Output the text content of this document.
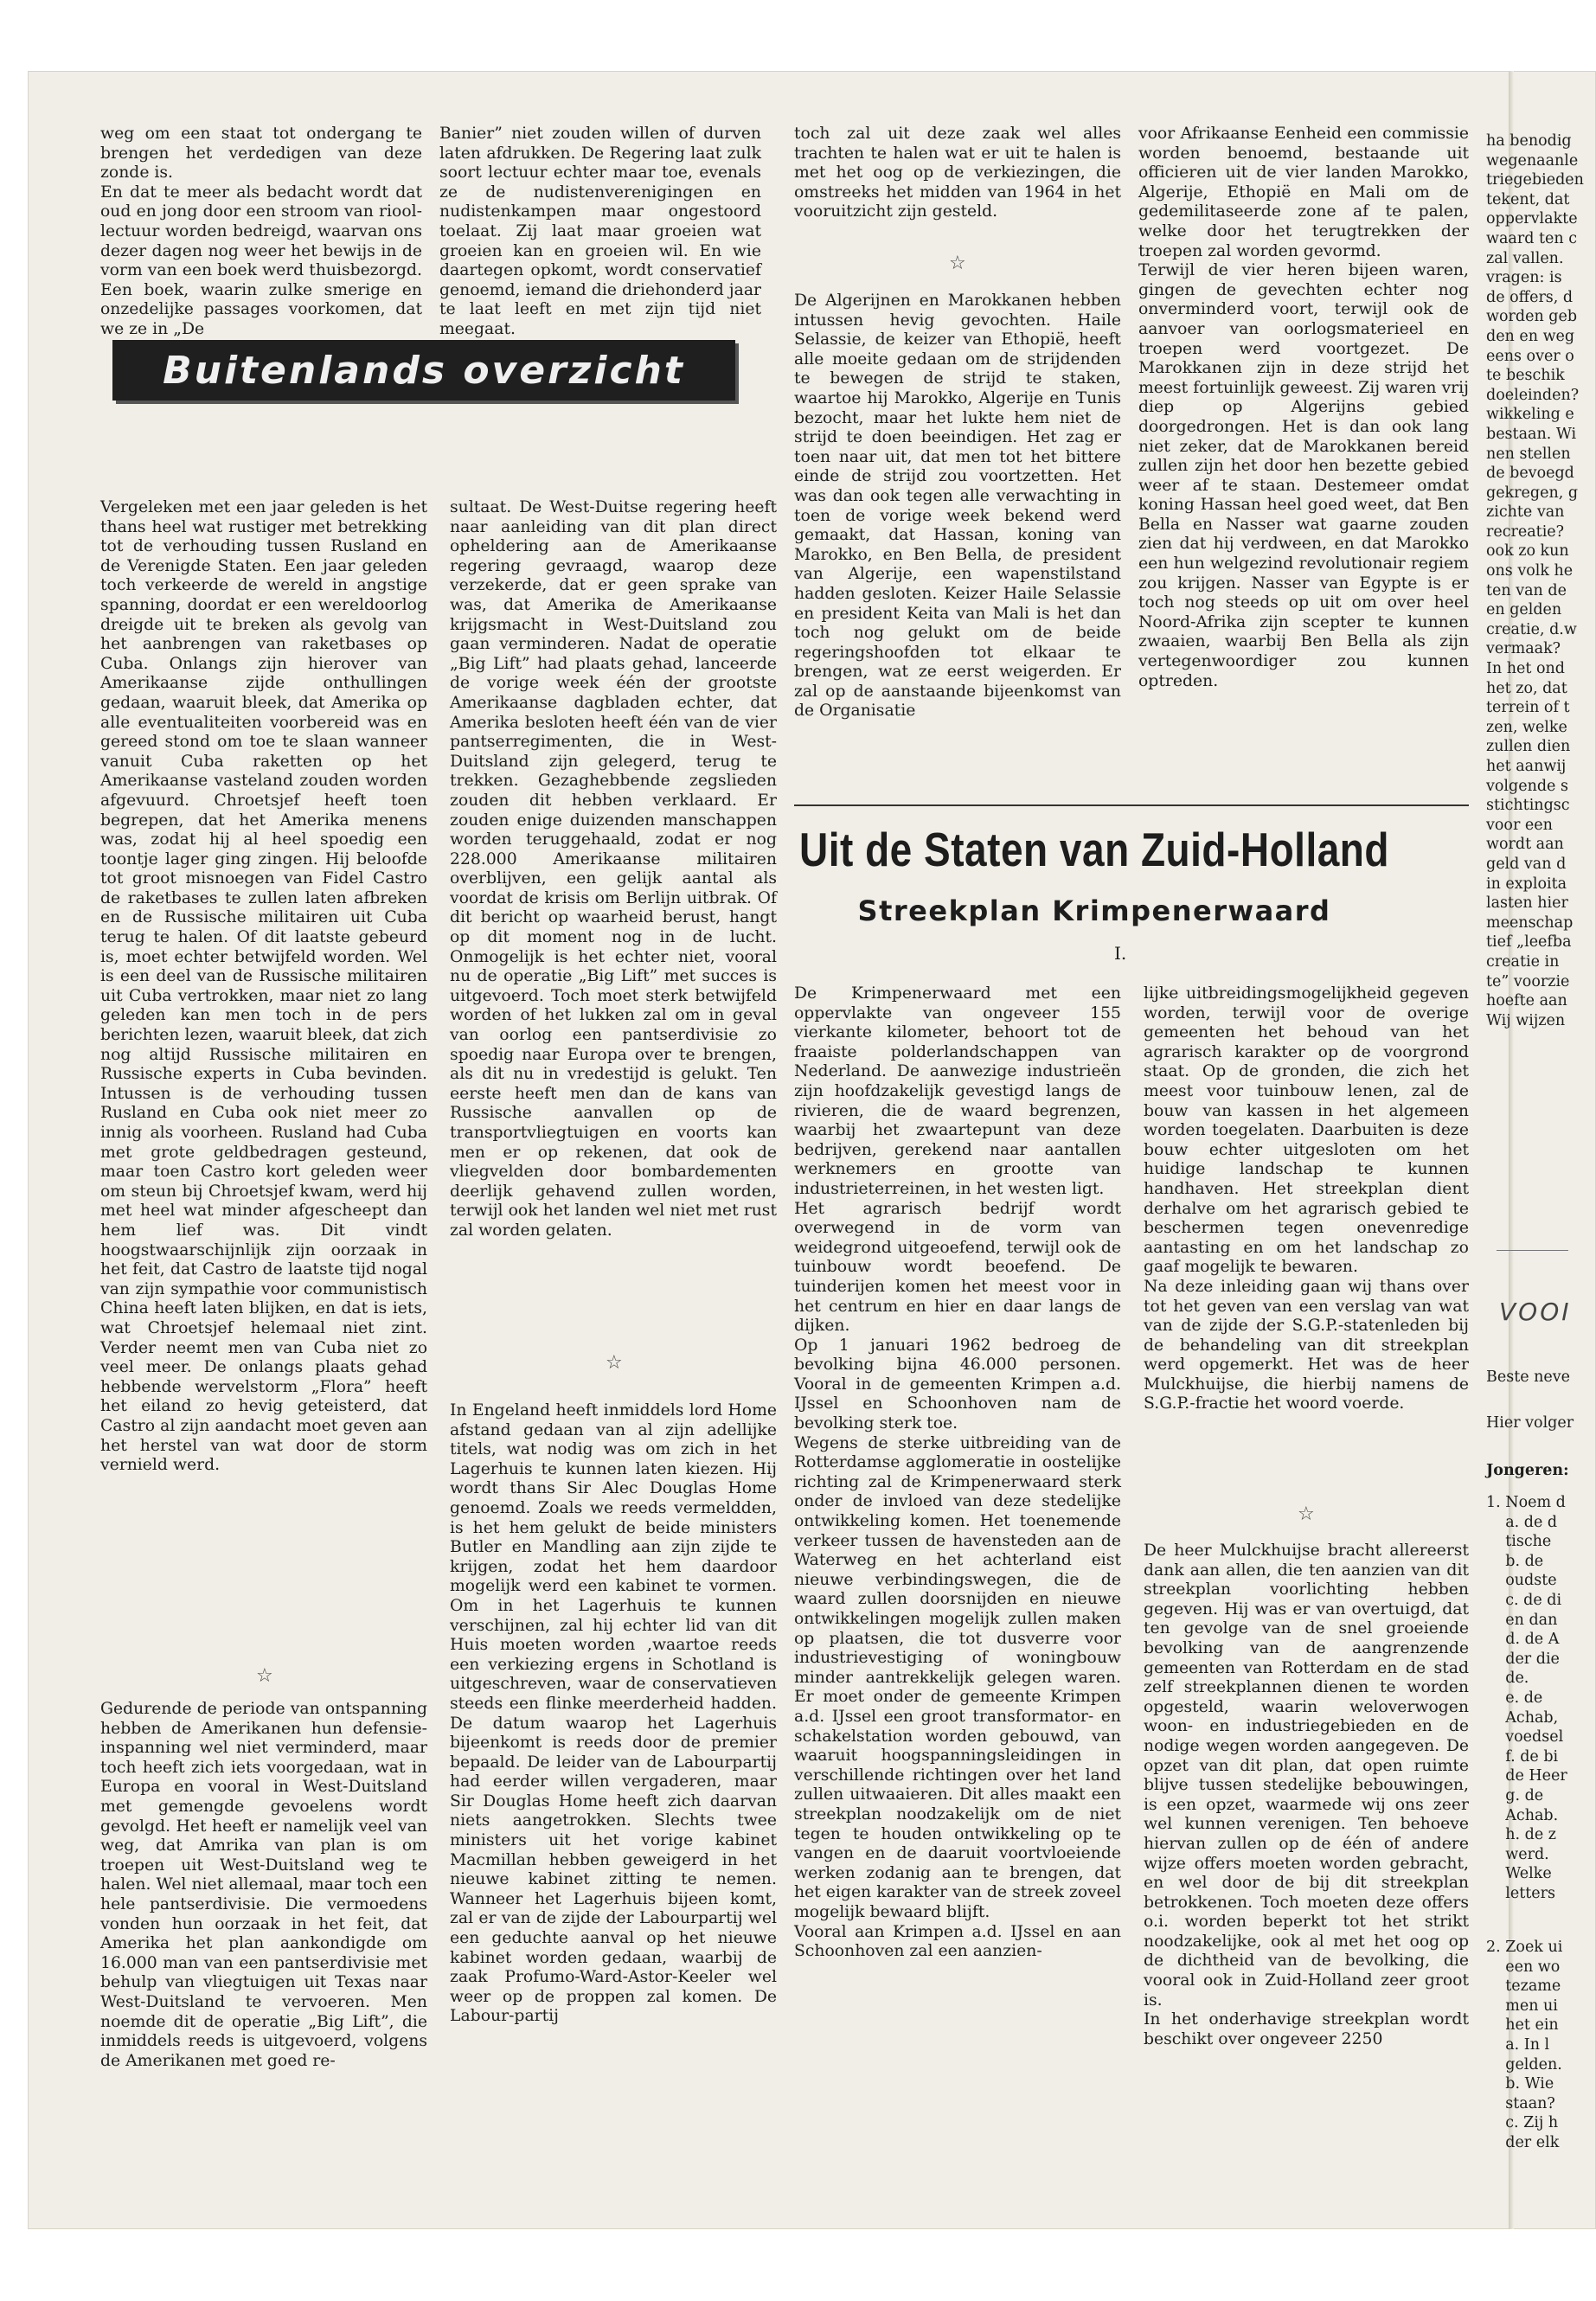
weg om een staat tot ondergang te brengen het verdedigen van deze zonde is.
En dat te meer als bedacht wordt dat oud en jong door een stroom van rioollectuur worden bedreigd, waarvan ons dezer dagen nog weer het bewijs in de vorm van een boek werd thuisbezorgd. Een boek, waarin zulke smerige en onzedelijke passages voorkomen, dat we ze in „De

Banier” niet zouden willen of durven laten afdrukken. De Regering laat zulk soort lectuur echter maar toe, evenals ze de nudistenverenigingen en nudistenkampen maar ongestoord toelaat. Zij laat maar groeien wat groeien kan en groeien wil. En wie daartegen opkomt, wordt conservatief genoemd, iemand die driehonderd jaar te laat leeft en met zijn tijd niet meegaat.

toch zal uit deze zaak wel alles trachten te halen wat er uit te halen is met het oog op de verkiezingen, die omstreeks het midden van 1964 in het vooruitzicht zijn gesteld.

☆

De Algerijnen en Marokkanen hebben intussen hevig gevochten. Haile Selassie, de keizer van Ethopië, heeft alle moeite gedaan om de strijdenden te bewegen de strijd te staken, waartoe hij Marokko, Algerije en Tunis bezocht, maar het lukte hem niet de strijd te doen beeindigen. Het zag er toen naar uit, dat men tot het bittere einde de strijd zou voortzetten. Het was dan ook tegen alle verwachting in toen de vorige week bekend werd gemaakt, dat Hassan, koning van Marokko, en Ben Bella, de president van Algerije, een wapenstilstand hadden gesloten. Keizer Haile Selassie en president Keita van Mali is het dan toch nog gelukt om de beide regeringshoofden tot elkaar te brengen, wat ze eerst weigerden. Er zal op de aanstaande bijeenkomst van de Organisatie

voor Afrikaanse Eenheid een commissie worden benoemd, bestaande uit officieren uit de vier landen Marokko, Algerije, Ethopië en Mali om de gedemilitaseerde zone af te palen, welke door het terugtrekken der troepen zal worden gevormd.
Terwijl de vier heren bijeen waren, gingen de gevechten echter nog onverminderd voort, terwijl ook de aanvoer van oorlogsmaterieel en troepen werd voortgezet. De Marokkanen zijn in deze strijd het meest fortuinlijk geweest. Zij waren vrij diep op Algerijns gebied doorgedrongen. Het is dan ook lang niet zeker, dat de Marokkanen bereid zullen zijn het door hen bezette gebied weer af te staan. Destemeer omdat koning Hassan heel goed weet, dat Ben Bella en Nasser wat gaarne zouden zien dat hij verdween, en dat Marokko een hun welgezind revolutionair regiem zou krijgen. Nasser van Egypte is er toch nog steeds op uit om over heel Noord-Afrika zijn scepter te kunnen zwaaien, waarbij Ben Bella als zijn vertegenwoordiger zou kunnen optreden.

Buitenlands overzicht

Vergeleken met een jaar geleden is het thans heel wat rustiger met betrekking tot de verhouding tussen Rusland en de Verenigde Staten. Een jaar geleden toch verkeerde de wereld in angstige spanning, doordat er een wereldoorlog dreigde uit te breken als gevolg van het aanbrengen van raketbases op Cuba. Onlangs zijn hierover van Amerikaanse zijde onthullingen gedaan, waaruit bleek, dat Amerika op alle eventualiteiten voorbereid was en gereed stond om toe te slaan wanneer vanuit Cuba raketten op het Amerikaanse vasteland zouden worden afgevuurd. Chroetsjef heeft toen begrepen, dat het Amerika menens was, zodat hij al heel spoedig een toontje lager ging zingen. Hij beloofde tot groot misnoegen van Fidel Castro de raketbases te zullen laten afbreken en de Russische militairen uit Cuba terug te halen. Of dit laatste gebeurd is, moet echter betwijfeld worden. Wel is een deel van de Russische militairen uit Cuba vertrokken, maar niet zo lang geleden kan men toch in de pers berichten lezen, waaruit bleek, dat zich nog altijd Russische militairen en Russische experts in Cuba bevinden. Intussen is de verhouding tussen Rusland en Cuba ook niet meer zo innig als voorheen. Rusland had Cuba met grote geldbedragen gesteund, maar toen Castro kort geleden weer om steun bij Chroetsjef kwam, werd hij met heel wat minder afgescheept dan hem lief was. Dit vindt hoogstwaarschijnlijk zijn oorzaak in het feit, dat Castro de laatste tijd nogal van zijn sympathie voor communistisch China heeft laten blijken, en dat is iets, wat Chroetsjef helemaal niet zint. Verder neemt men van Cuba niet zo veel meer. De onlangs plaats gehad hebbende wervelstorm „Flora” heeft het eiland zo hevig geteisterd, dat Castro al zijn aandacht moet geven aan het herstel van wat door de storm vernield werd.

☆

Gedurende de periode van ontspanning hebben de Amerikanen hun defensie-inspanning wel niet verminderd, maar toch heeft zich iets voorgedaan, wat in Europa en vooral in West-Duitsland met gemengde gevoelens wordt gevolgd. Het heeft er namelijk veel van weg, dat Amrika van plan is om troepen uit West-Duitsland weg te halen. Wel niet allemaal, maar toch een hele pantserdivisie. Die vermoedens vonden hun oorzaak in het feit, dat Amerika het plan aankondigde om 16.000 man van een pantserdivisie met behulp van vliegtuigen uit Texas naar West-Duitsland te vervoeren. Men noemde dit de operatie „Big Lift”, die inmiddels reeds is uitgevoerd, volgens de Amerikanen met goed re-

sultaat. De West-Duitse regering heeft naar aanleiding van dit plan direct opheldering aan de Amerikaanse regering gevraagd, waarop deze verzekerde, dat er geen sprake van was, dat Amerika de Amerikaanse krijgsmacht in West-Duitsland zou gaan verminderen. Nadat de operatie „Big Lift” had plaats gehad, lanceerde de vorige week één der grootste Amerikaanse dagbladen echter, dat Amerika besloten heeft één van de vier pantserregimenten, die in West-Duitsland zijn gelegerd, terug te trekken. Gezaghebbende zegslieden zouden dit hebben verklaard. Er zouden enige duizenden manschappen worden teruggehaald, zodat er nog 228.000 Amerikaanse militairen overblijven, een gelijk aantal als voordat de krisis om Berlijn uitbrak. Of dit bericht op waarheid berust, hangt op dit moment nog in de lucht. Onmogelijk is het echter niet, vooral nu de operatie „Big Lift” met succes is uitgevoerd. Toch moet sterk betwijfeld worden of het lukken zal om in geval van oorlog een pantserdivisie zo spoedig naar Europa over te brengen, als dit nu in vredestijd is gelukt. Ten eerste heeft men dan de kans van Russische aanvallen op de transportvliegtuigen en voorts kan men er op rekenen, dat ook de vliegvelden door bombardementen deerlijk gehavend zullen worden, terwijl ook het landen wel niet met rust zal worden gelaten.

☆

In Engeland heeft inmiddels lord Home afstand gedaan van al zijn adellijke titels, wat nodig was om zich in het Lagerhuis te kunnen laten kiezen. Hij wordt thans Sir Alec Douglas Home genoemd. Zoals we reeds vermeldden, is het hem gelukt de beide ministers Butler en Mandling aan zijn zijde te krijgen, zodat het hem daardoor mogelijk werd een kabinet te vormen. Om in het Lagerhuis te kunnen verschijnen, zal hij echter lid van dit Huis moeten worden ,waartoe reeds een verkiezing ergens in Schotland is uitgeschreven, waar de conservatieven steeds een flinke meerderheid hadden. De datum waarop het Lagerhuis bijeenkomt is reeds door de premier bepaald. De leider van de Labourpartij had eerder willen vergaderen, maar Sir Douglas Home heeft zich daarvan niets aangetrokken. Slechts twee ministers uit het vorige kabinet Macmillan hebben geweigerd in het nieuwe kabinet zitting te nemen. Wanneer het Lagerhuis bijeen komt, zal er van de zijde der Labourpartij wel een geduchte aanval op het nieuwe kabinet worden gedaan, waarbij de zaak Profumo-Ward-Astor-Keeler wel weer op de proppen zal komen. De Labour-partij

Uit de Staten van Zuid-Holland
Streekplan Krimpenerwaard
I.

De Krimpenerwaard met een oppervlakte van ongeveer 155 vierkante kilometer, behoort tot de fraaiste polderlandschappen van Nederland. De aanwezige industrieën zijn hoofdzakelijk gevestigd langs de rivieren, die de waard begrenzen, waarbij het zwaartepunt van deze bedrijven, gerekend naar aantallen werknemers en grootte van industrieterreinen, in het westen ligt.
Het agrarisch bedrijf wordt overwegend in de vorm van weidegrond uitgeoefend, terwijl ook de tuinbouw wordt beoefend. De tuinderijen komen het meest voor in het centrum en hier en daar langs de dijken.
Op 1 januari 1962 bedroeg de bevolking bijna 46.000 personen. Vooral in de gemeenten Krimpen a.d. IJssel en Schoonhoven nam de bevolking sterk toe.
Wegens de sterke uitbreiding van de Rotterdamse agglomeratie in oostelijke richting zal de Krimpenerwaard sterk onder de invloed van deze stedelijke ontwikkeling komen. Het toenemende verkeer tussen de havensteden aan de Waterweg en het achterland eist nieuwe verbindingswegen, die de waard zullen doorsnijden en nieuwe ontwikkelingen mogelijk zullen maken op plaatsen, die tot dusverre voor industrievestiging of woningbouw minder aantrekkelijk gelegen waren. Er moet onder de gemeente Krimpen a.d. IJssel een groot transformator- en schakelstation worden gebouwd, van waaruit hoogspanningsleidingen in verschillende richtingen over het land zullen uitwaaieren. Dit alles maakt een streekplan noodzakelijk om de niet tegen te houden ontwikkeling op te vangen en de daaruit voortvloeiende werken zodanig aan te brengen, dat het eigen karakter van de streek zoveel mogelijk bewaard blijft.
Vooral aan Krimpen a.d. IJssel en aan Schoonhoven zal een aanzien-

lijke uitbreidingsmogelijkheid gegeven worden, terwijl voor de overige gemeenten het behoud van het agrarisch karakter op de voorgrond staat. Op de gronden, die zich het meest voor tuinbouw lenen, zal de bouw van kassen in het algemeen worden toegelaten. Daarbuiten is deze bouw echter uitgesloten om het huidige landschap te kunnen handhaven. Het streekplan dient derhalve om het agrarisch gebied te beschermen tegen onevenredige aantasting en om het landschap zo gaaf mogelijk te bewaren.
Na deze inleiding gaan wij thans over tot het geven van een verslag van wat van de zijde der S.G.P.-statenleden bij de behandeling van dit streekplan werd opgemerkt. Het was de heer Mulckhuijse, die hierbij namens de S.G.P.-fractie het woord voerde.

☆

De heer Mulckhuijse bracht allereerst dank aan allen, die ten aanzien van dit streekplan voorlichting hebben gegeven. Hij was er van overtuigd, dat ten gevolge van de snel groeiende bevolking van de aangrenzende gemeenten van Rotterdam en de stad zelf streekplannen dienen te worden opgesteld, waarin weloverwogen woon- en industriegebieden en de nodige wegen worden aangegeven. De opzet van dit plan, dat open ruimte blijve tussen stedelijke bebouwingen, is een opzet, waarmede wij ons zeer wel kunnen verenigen. Ten behoeve hiervan zullen op de één of andere wijze offers moeten worden gebracht, en wel door de bij dit streekplan betrokkenen. Toch moeten deze offers o.i. worden beperkt tot het strikt noodzakelijke, ook al met het oog op de dichtheid van de bevolking, die vooral ook in Zuid-Holland zeer groot is.
In het onderhavige streekplan wordt beschikt over ongeveer 2250

ha benodig
wegenaanle
triegebieden
tekent, dat
oppervlakte
waard ten
zal vallen.
vragen: is
de offers, d
worden geb
den en weg
eens over
te beschik
doeleinden?
wikkeling
bestaan. Wi
nen stellen
de bevoegd
gekregen,
zichte van
recreatie?
ook zo kun
ons volk he
ten van de
en gelden
creatie, d.w
vermaak?
In het ond
het zo, dat
terrein of t
zen, welke
zullen dien
het aanwij
volgende s
stichtingsc
voor een
wordt aan
geld van d
in exploita
lasten hier
meenschap
tief „leefba
creatie in
te” voorzie
hoefte aan
Wij wijzen
VOOI
Beste neve
Hier volger
Jongeren:
1. Noem d
a. de d
tische
b. de
oudste
c. de di
en dan
d. de A
der die
de.
e. de
Achab,
voedsel
f. de bi
de Heer
g. de
Achab.
h. de z
werd.
Welke
letters
2. Zoek ui
een wo
tezame
men ui
het ein
a. In l
gelden.
b. Wie
staan?
c. Zij h
der elk
